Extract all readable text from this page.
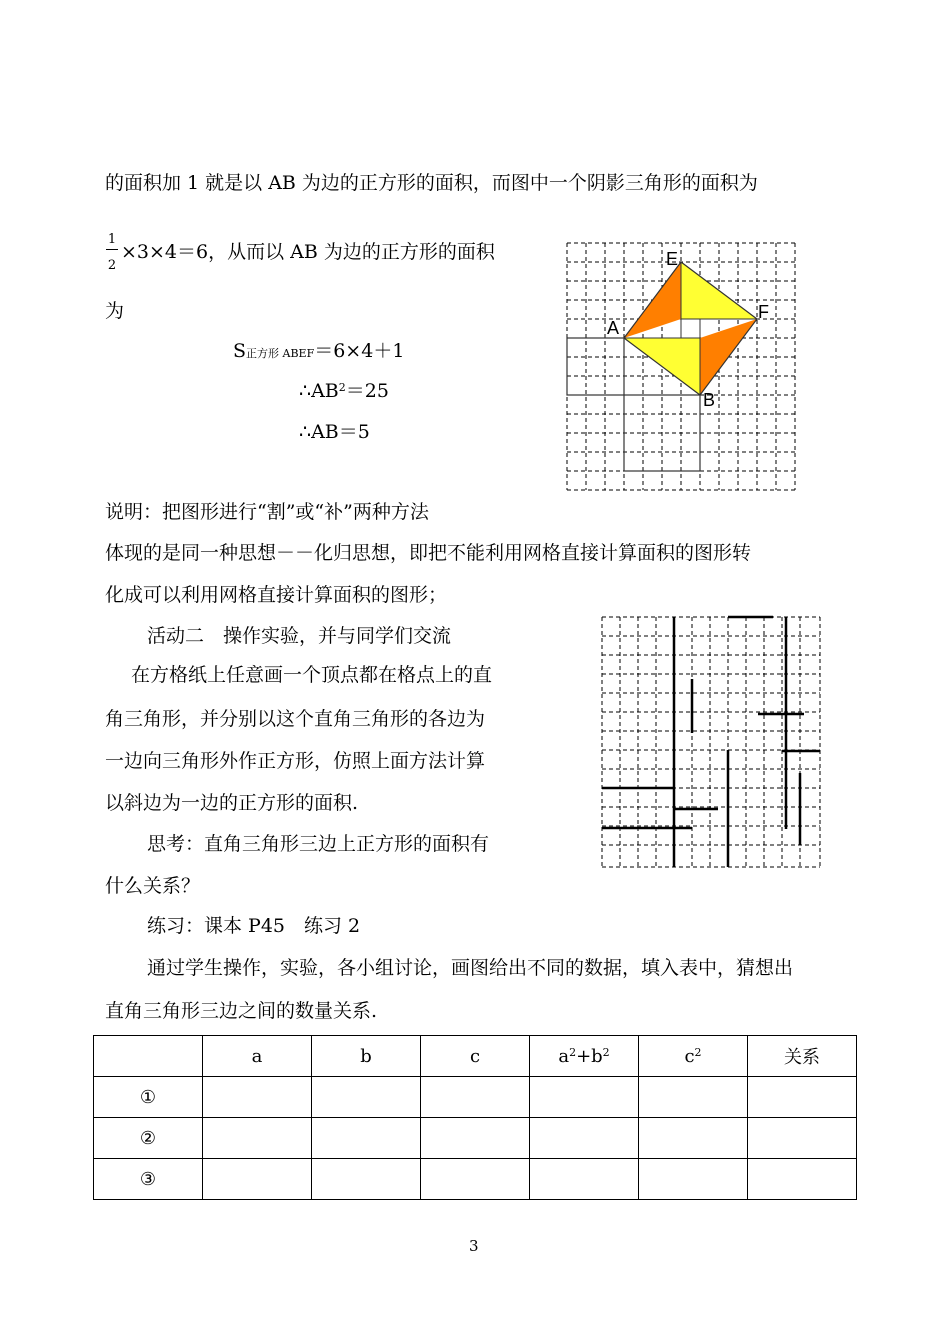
的面积加 1 就是以 AB 为边的正方形的面积，而图中一个阴影三角形的面积为
1
2
×3×4＝6，从而以 AB 为边的正方形的面积
为
S正方形 ABEF＝6×4＋1
$\therefore AB^2=25$
∴AB＝5
说明：把图形进行“割”或“补”两种方法
体现的是同一种思想－－化归思想，即把不能利用网格直接计算面积的图形转
化成可以利用网格直接计算面积的图形；
活动二　操作实验，并与同学们交流
在方格纸上任意画一个顶点都在格点上的直
角三角形，并分别以这个直角三角形的各边为
一边向三角形外作正方形，仿照上面方法计算
以斜边为一边的正方形的面积.
思考：直角三角形三边上正方形的面积有
什么关系？
练习：课本 P45　练习 2
通过学生操作，实验，各小组讨论，画图给出不同的数据，填入表中，猜想出
直角三角形三边之间的数量关系.
E
F
A
B
	a	b	c	$a^2+b^2$	$c^2$	关系
①						
②						
③						
3
